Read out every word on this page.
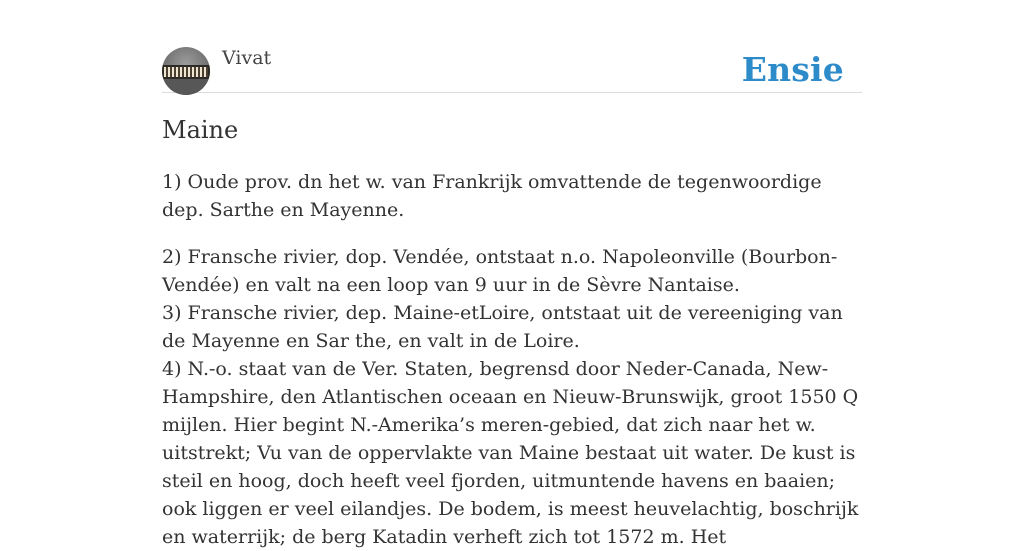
Vivat	Ensie
Maine

1) Oude prov. dn het w. van Frankrijk omvattende de tegenwoordige dep. Sarthe en Mayenne.

2) Fransche rivier, dop. Vendée, ontstaat n.o. Napoleonville (Bourbon-Vendée) en valt na een loop van 9 uur in de Sèvre Nantaise.

3) Fransche rivier, dep. Maine-etLoire, ontstaat uit de vereeniging van de Mayenne en Sar the, en valt in de Loire.

4) N.-o. staat van de Ver. Staten, begrensd door Neder-Canada, New-Hampshire, den Atlantischen oceaan en Nieuw-Brunswijk, groot 1550 Q mijlen. Hier begint N.-Amerika’s meren-gebied, dat zich naar het w. uitstrekt; Vu van de oppervlakte van Maine bestaat uit water. De kust is steil en hoog, doch heeft veel fjorden, uitmuntende havens en baaien; ook liggen er veel eilandjes. De bodem, is meest heuvelachtig, boschrijk en waterrijk; de berg Katadin verheft zich tot 1572 m. Het
